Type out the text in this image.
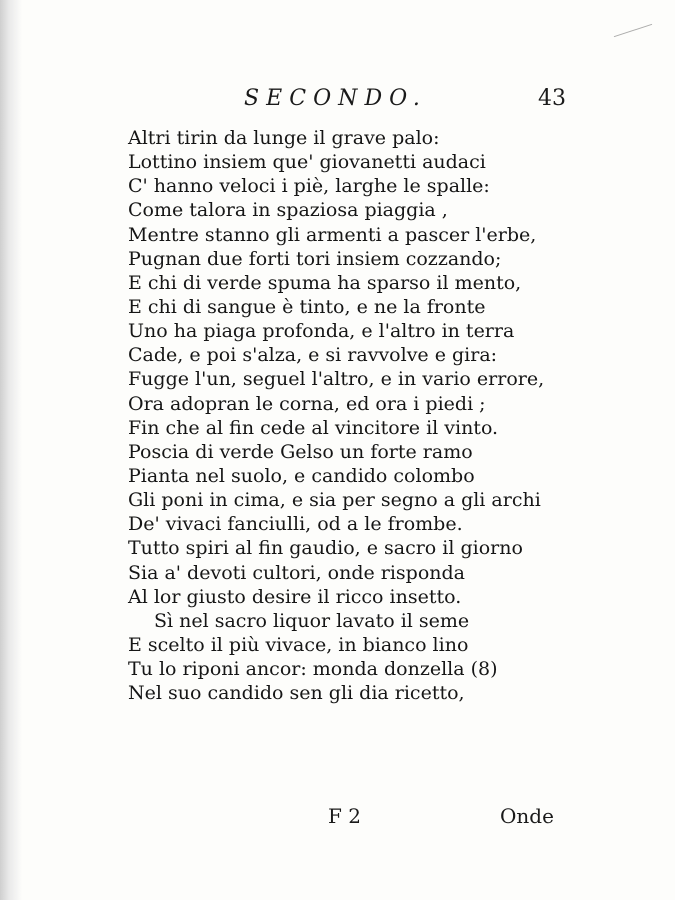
SECONDO.	43
Altri tirin da lunge il grave palo:
Lottino insiem que' giovanetti audaci
C' hanno veloci i piè, larghe le spalle:
Come talora in spaziosa piaggia ,
Mentre stanno gli armenti a pascer l'erbe,
Pugnan due forti tori insiem cozzando;
E chi di verde spuma ha sparso il mento,
E chi di sangue è tinto, e ne la fronte
Uno ha piaga profonda, e l'altro in terra
Cade, e poi s'alza, e si ravvolve e gira:
Fugge l'un, seguel l'altro, e in vario errore,
Ora adopran le corna, ed ora i piedi ;
Fin che al fin cede al vincitore il vinto.
Poscia di verde Gelso un forte ramo
Pianta nel suolo, e candido colombo
Gli poni in cima, e sia per segno a gli archi
De' vivaci fanciulli, od a le frombe.
Tutto spiri al fin gaudio, e sacro il giorno
Sia a' devoti cultori, onde risponda
Al lor giusto desire il ricco insetto.
Sì nel sacro liquor lavato il seme
E scelto il più vivace, in bianco lino
Tu lo riponi ancor: monda donzella (8)
Nel suo candido sen gli dia ricetto,
F 2	Onde
